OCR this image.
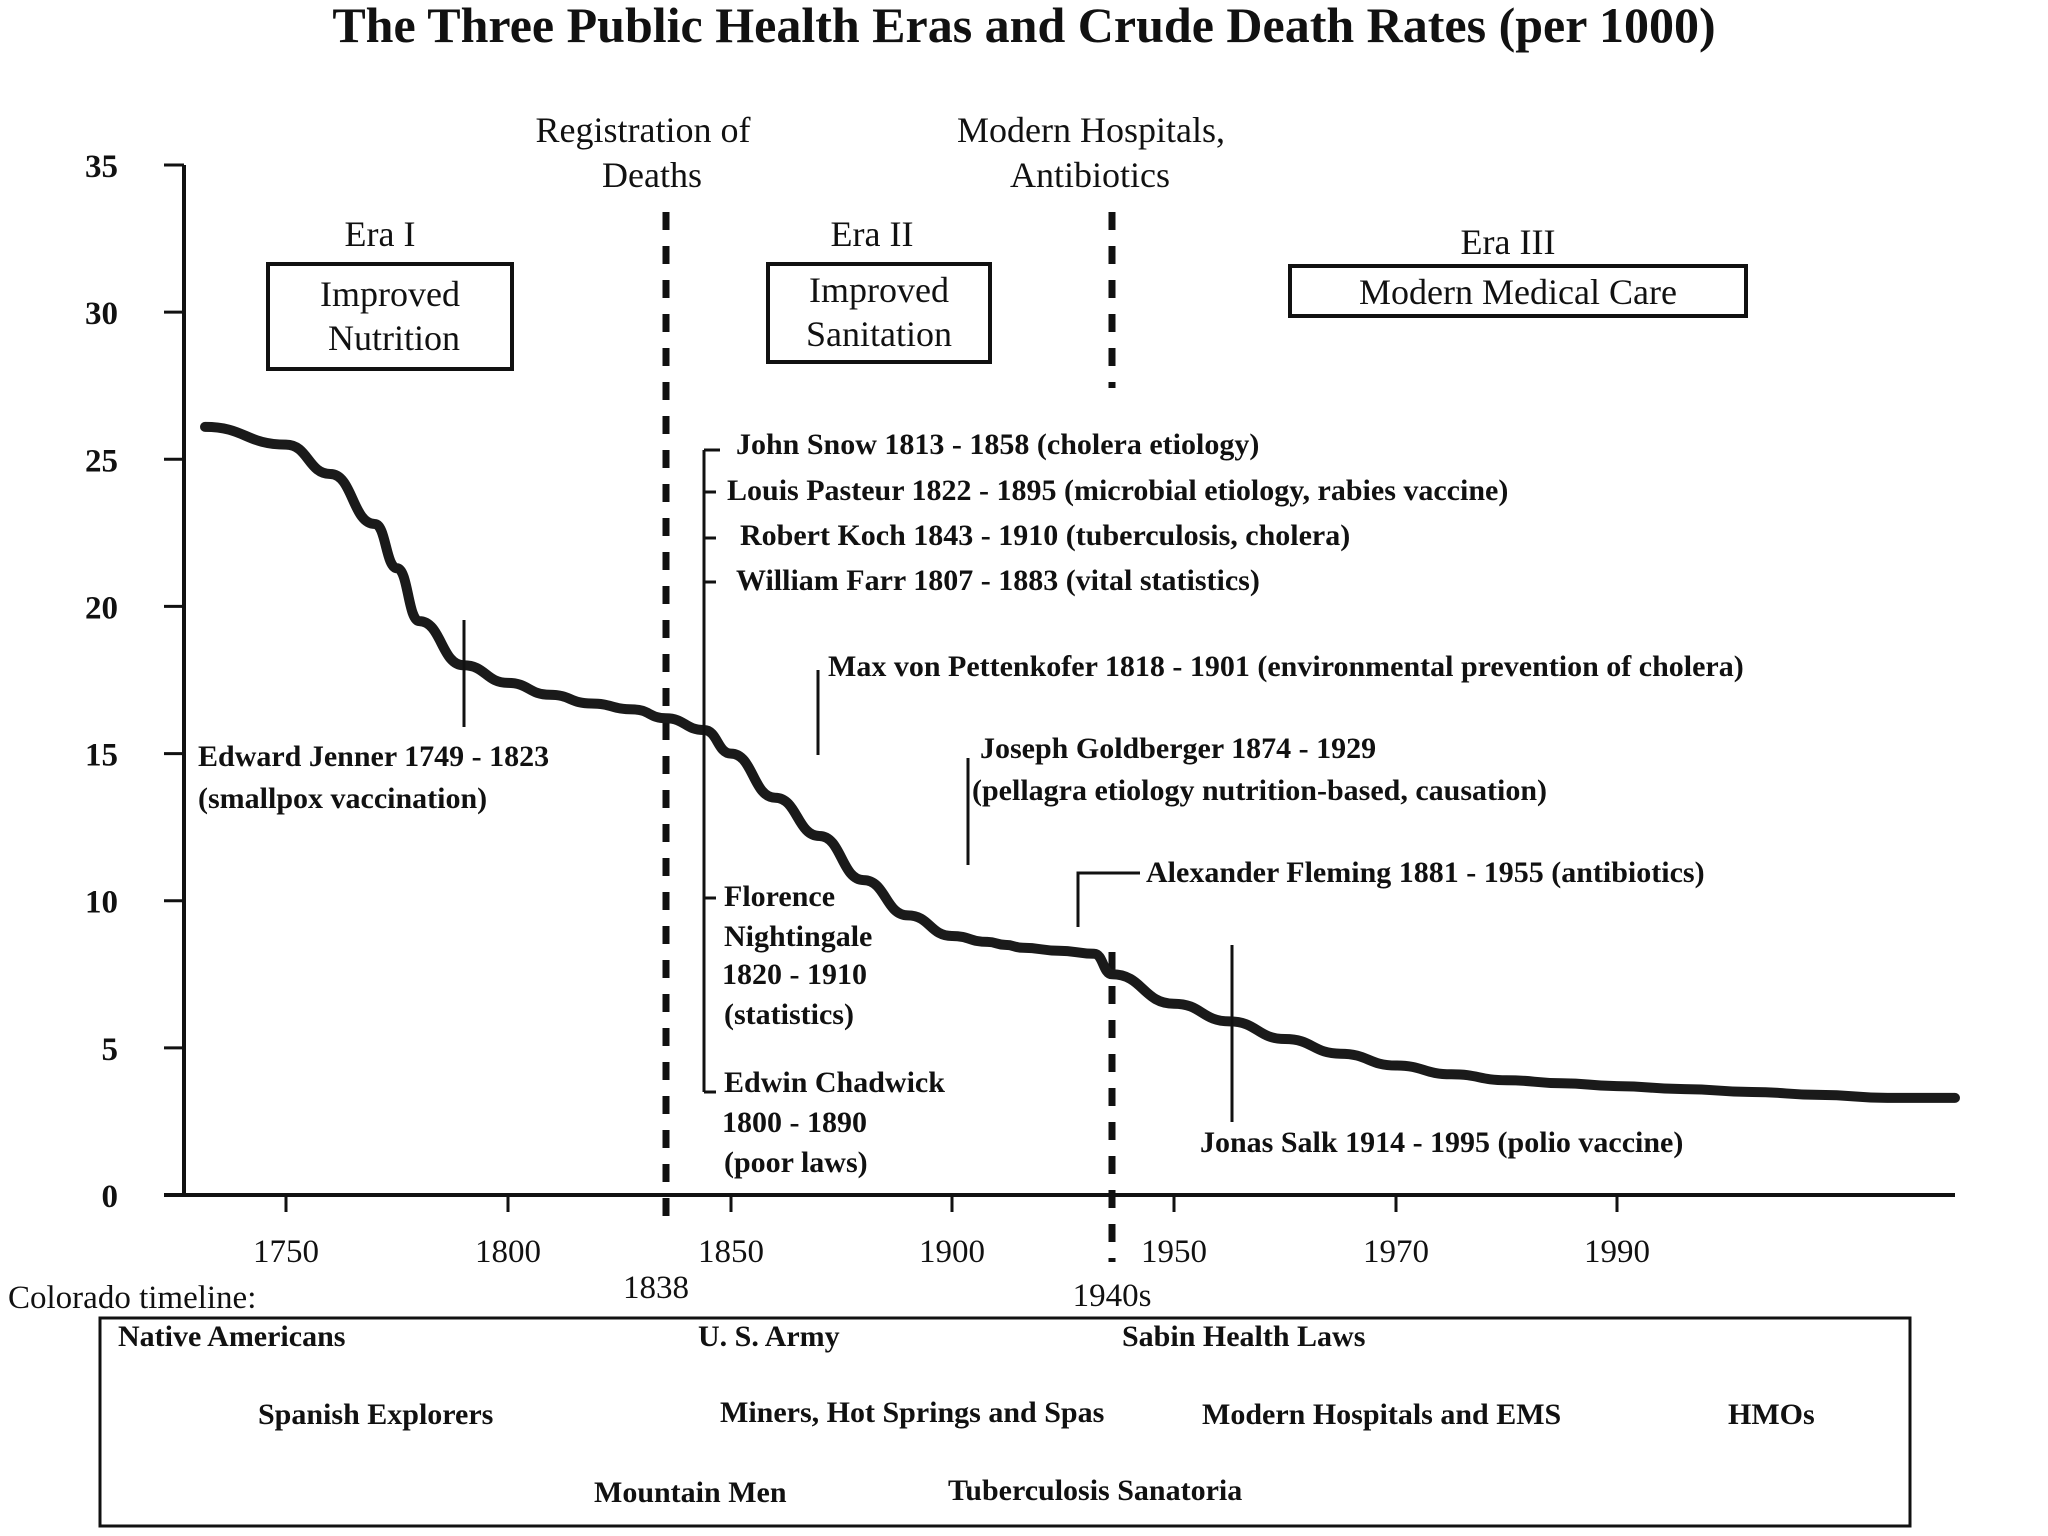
The Three Public Health Eras and Crude Death Rates (per 1000)
0
5
10
15
20
25
30
35
1750	1800	1850	1900	1950	1970	1990
1838	1940s
Registration of
Deaths
Modern Hospitals,
Antibiotics
Era I
Improved
Nutrition
Era II
Improved
Sanitation
Era III
Modern Medical Care
Edward Jenner 1749 - 1823
(smallpox vaccination)
John Snow 1813 - 1858 (cholera etiology)
Louis Pasteur 1822 - 1895 (microbial etiology, rabies vaccine)
Robert Koch 1843 - 1910 (tuberculosis, cholera)
William Farr 1807 - 1883 (vital statistics)
Max von Pettenkofer 1818 - 1901 (environmental prevention of cholera)
Joseph Goldberger 1874 - 1929
(pellagra etiology nutrition-based, causation)
Alexander Fleming 1881 - 1955 (antibiotics)
Florence
Nightingale
1820 - 1910
(statistics)
Edwin Chadwick
1800 - 1890
(poor laws)
Jonas Salk 1914 - 1995 (polio vaccine)
Colorado timeline:
Native Americans	U. S. Army	Sabin Health Laws
Spanish Explorers	Miners, Hot Springs and Spas	Modern Hospitals and EMS	HMOs
Mountain Men	Tuberculosis Sanatoria
